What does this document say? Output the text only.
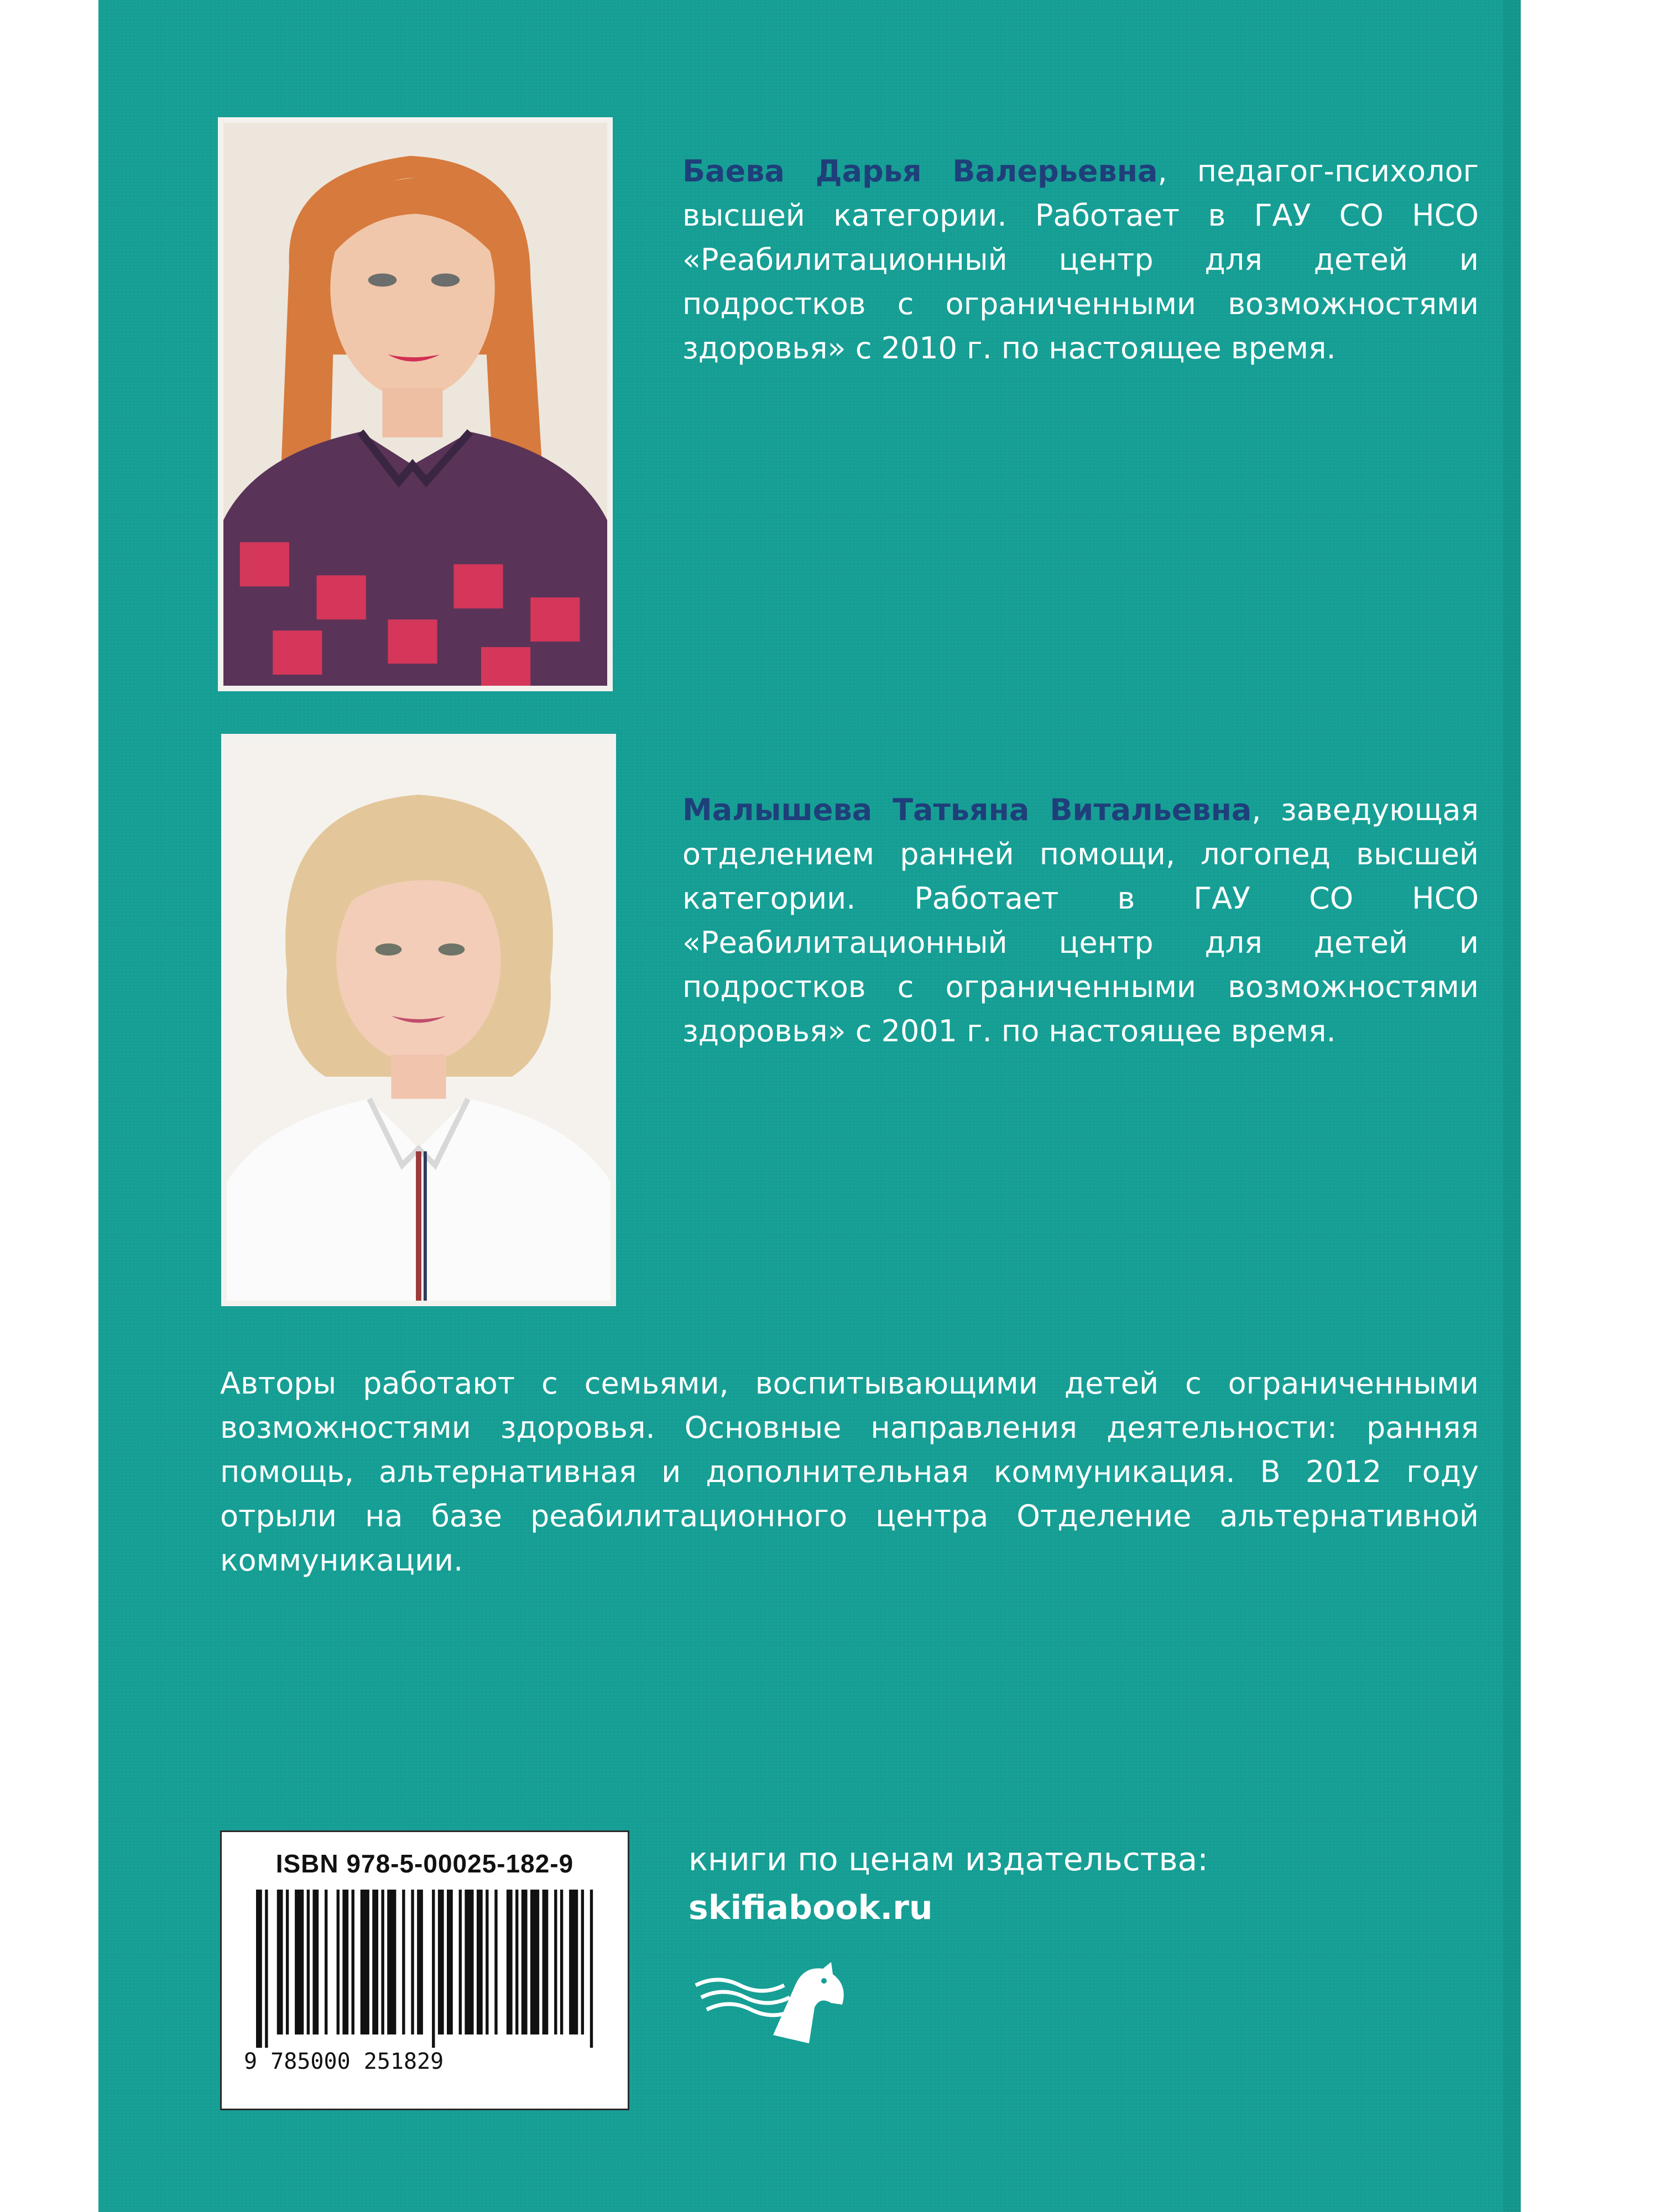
Баева Дарья Валерьевна, педагог-психолог высшей категории. Работает в ГАУ СО НСО «Реабилитационный центр для детей и подростков с ограниченными возможностями здоровья» с 2010 г. по настоящее время.
Малышева Татьяна Витальевна, заведующая отделением ранней помощи, логопед высшей категории. Работает в ГАУ СО НСО «Реабилитационный центр для детей и подростков с ограниченными возможностями здоровья» с 2001 г. по настоящее время.
Авторы работают с семьями, воспитывающими детей с ограниченными возможностями здоровья. Основные направления деятельности: ранняя помощь, альтернативная и дополнительная коммуникация. В 2012 году отрыли на базе реабилитационного центра Отделение альтернативной коммуникации.
ISBN 978-5-00025-182-9
9 785000 251829
книги по ценам издательства:
skifiabook.ru
